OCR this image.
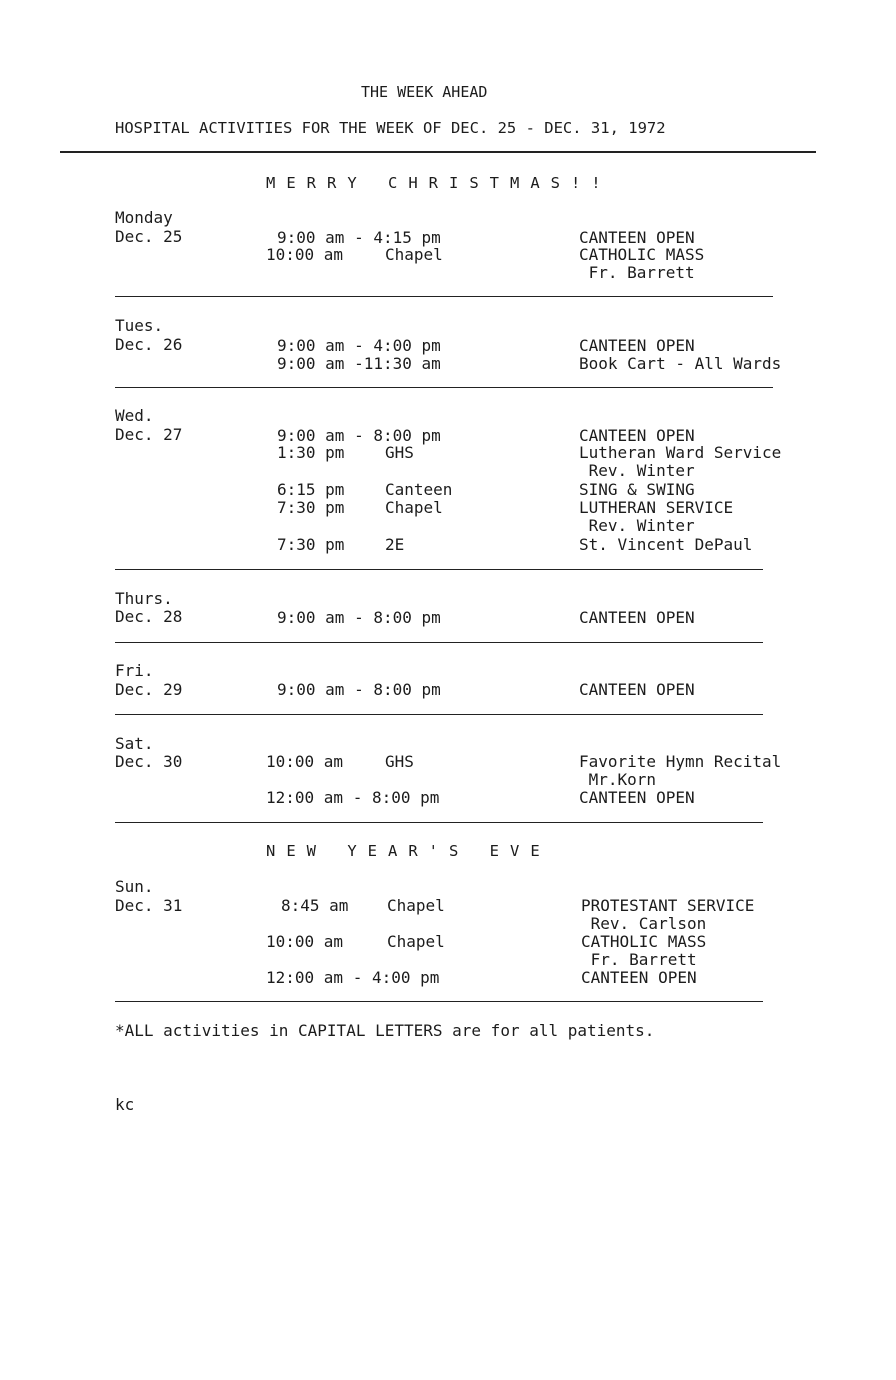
THE WEEK AHEAD
HOSPITAL ACTIVITIES FOR THE WEEK OF DEC. 25 - DEC. 31, 1972
MERRY CHRISTMAS!!
Monday
Dec. 25	9:00 am - 4:15 pm	CANTEEN OPEN
10:00 am	Chapel	CATHOLIC MASS
Fr. Barrett
Tues.
Dec. 26	9:00 am - 4:00 pm	CANTEEN OPEN
9:00 am -11:30 am	Book Cart - All Wards
Wed.
Dec. 27	9:00 am - 8:00 pm	CANTEEN OPEN
1:30 pm	GHS	Lutheran Ward Service
Rev. Winter
6:15 pm	Canteen	SING & SWING
7:30 pm	Chapel	LUTHERAN SERVICE
Rev. Winter
7:30 pm	2E	St. Vincent DePaul
Thurs.
Dec. 28	9:00 am - 8:00 pm	CANTEEN OPEN
Fri.
Dec. 29	9:00 am - 8:00 pm	CANTEEN OPEN
Sat.
Dec. 30	10:00 am	GHS	Favorite Hymn Recital
Mr.Korn
12:00 am - 8:00 pm	CANTEEN OPEN
NEW YEAR'S EVE
Sun.
Dec. 31	8:45 am Chapel	PROTESTANT SERVICE
Rev. Carlson
10:00 am	Chapel	CATHOLIC MASS
Fr. Barrett
12:00 am - 4:00 pm	CANTEEN OPEN
*ALL activities in CAPITAL LETTERS are for all patients.
kc
